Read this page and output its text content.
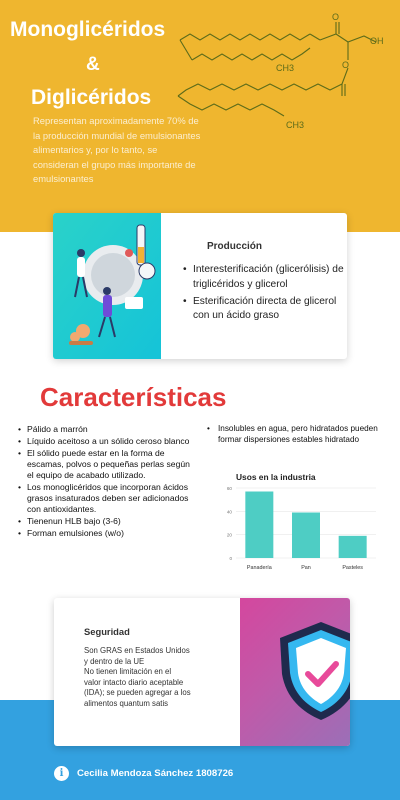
Monoglicéridos
&
Diglicéridos
O
O
OH
CH3
CH3

Representan aproximadamente 70% de la producción mundial de emulsionantes alimentarios y, por lo tanto, se consideran el grupo más importante de emulsionantes

Producción
• Interesterificación (glicerólisis) de triglicéridos y glicerol
• Esterificación directa de glicerol con un ácido graso
Características
• Pálido a marrón
• Líquido aceitoso a un sólido ceroso blanco
• El sólido puede estar en la forma de escamas, polvos o pequeñas perlas según el equipo de acabado utilizado.
• Los monoglicéridos que incorporan ácidos grasos insaturados deben ser adicionados con antioxidantes.
• Tienenun HLB bajo (3-6)
• Forman emulsiones (w/o)
• Insolubles en agua, pero hidratados pueden formar dispersiones estables hidratado
Usos en la industria
0
20
40
60
Panadería	Pan	Pasteles
Seguridad
Son GRAS en Estados Unidos
y dentro de la UE
No tienen limitación en el
valor intacto diario aceptable
(IDA); se pueden agregar a los
alimentos quantum satis
i	Cecilia Mendoza Sánchez 1808726
